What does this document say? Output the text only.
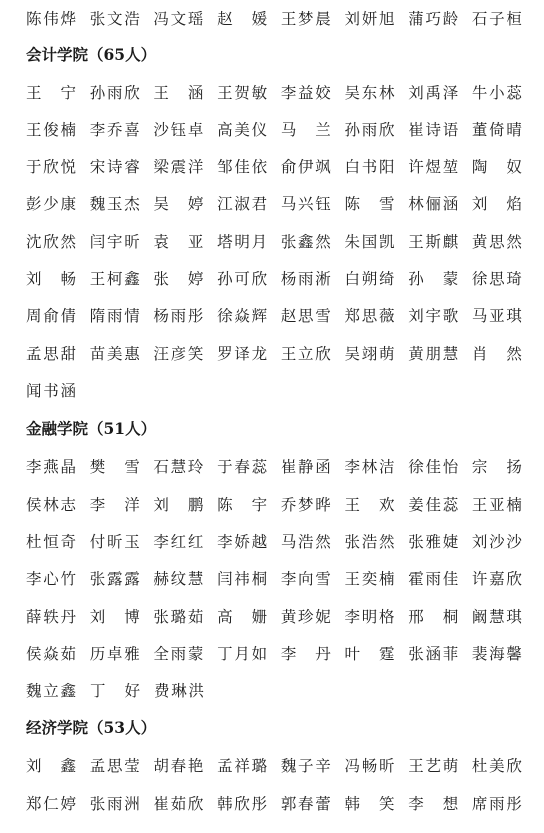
陈伟烨 张文浩 冯文瑶 赵　媛 王梦晨 刘妍旭 蒲巧龄 石子桓
会计学院（65人）
王　宁 孙雨欣 王　涵 王贺敏 李益姣 吴东林 刘禹泽 牛小蕊
王俊楠 李乔喜 沙钰卓 高美仪 马　兰 孙雨欣 崔诗语 董倚晴
于欣悦 宋诗睿 梁震洋 邹佳依 俞伊飒 白书阳 许煜堃 陶　奴
彭少康 魏玉杰 吴　婷 江淑君 马兴钰 陈　雪 林俪涵 刘　焰
沈欣然 闫宇昕 袁　亚 塔明月 张鑫然 朱国凯 王斯麒 黄思然
刘　畅 王柯鑫 张　婷 孙可欣 杨雨淅 白朔绮 孙　蒙 徐思琦
周俞倩 隋雨情 杨雨彤 徐焱辉 赵思雪 郑思薇 刘宇歌 马亚琪
孟思甜 苗美惠 汪彦笑 罗译龙 王立欣 吴翊萌 黄朋慧 肖　然
闻书涵
金融学院（51人）
李燕晶 樊　雪 石慧玲 于春蕊 崔静函 李林洁 徐佳怡 宗　扬
侯林志 李　洋 刘　鹏 陈　宇 乔梦晔 王　欢 姜佳蕊 王亚楠
杜恒奇 付昕玉 李红红 李娇越 马浩然 张浩然 张雅婕 刘沙沙
李心竹 张露露 赫纹慧 闫祎桐 李向雪 王奕楠 霍雨佳 许嘉欣
薛轶丹 刘　博 张璐茹 高　姗 黄珍妮 李明格 邢　桐 阚慧琪
侯焱茹 历卓雅 全雨蒙 丁月如 李　丹 叶　霆 张涵菲 裴海馨
魏立鑫 丁　好 费琳洪
经济学院（53人）
刘　鑫 孟思莹 胡春艳 孟祥璐 魏子辛 冯畅昕 王艺萌 杜美欣
郑仁婷 张雨洲 崔茹欣 韩欣彤 郭春蕾 韩　笑 李　想 席雨彤
